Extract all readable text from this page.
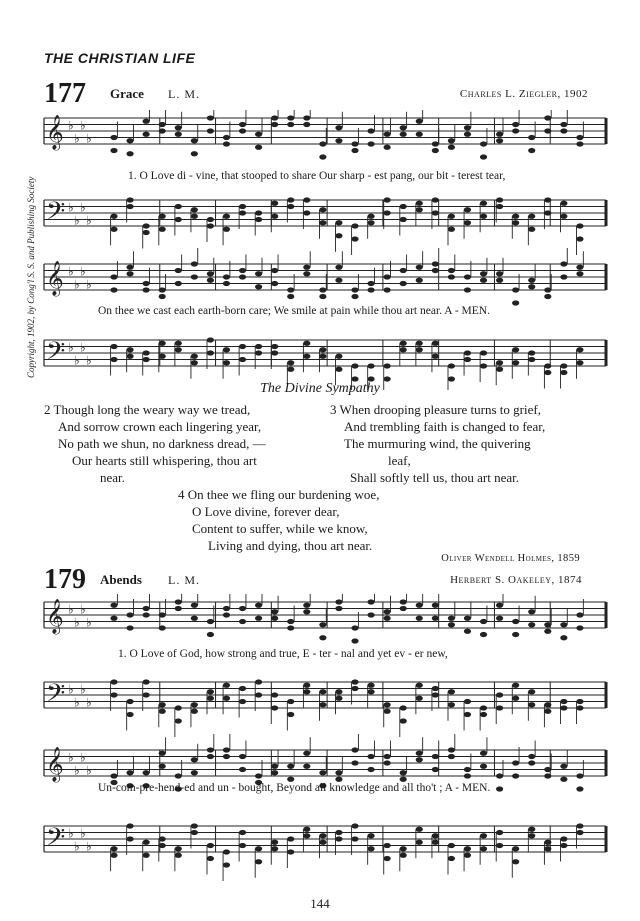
THE CHRISTIAN LIFE
Copyright, 1902, by Cong'l S. S. and Publishing Society
177 Grace L. M.	Charles L. Ziegler, 1902
𝄞 ♭
♭
♭
♭
𝄢 ♭
♭
♭
♭
𝄞 ♭
♭
♭
♭
𝄢 ♭
♭
♭
♭
1. O Love di - vine, that stooped to share Our sharp - est pang, our bit - terest tear,
On thee we cast each earth-born care; We smile at pain while thou art near. A - MEN.
The Divine Sympathy
2 Though long the weary way we tread,
And sorrow crown each lingering year,
No path we shun, no darkness dread, —
Our hearts still whispering, thou art
near.
3 When drooping pleasure turns to grief,
And trembling faith is changed to fear,
The murmuring wind, the quivering
leaf,
Shall softly tell us, thou art near.
4 On thee we fling our burdening woe,
O Love divine, forever dear,
Content to suffer, while we know,
Living and dying, thou art near.
Oliver Wendell Holmes, 1859
179 Abends L. M.	Herbert S. Oakeley, 1874
𝄞 ♭
♭
♭
♭
𝄢 ♭
♭
♭
♭
𝄞 ♭
♭
♭
♭
𝄢 ♭
♭
♭
♭
1. O Love of God, how strong and true, E - ter - nal and yet ev - er new,
Un-com-pre-hend-ed and un - bought, Beyond all knowledge and all tho't ; A - MEN.
144
